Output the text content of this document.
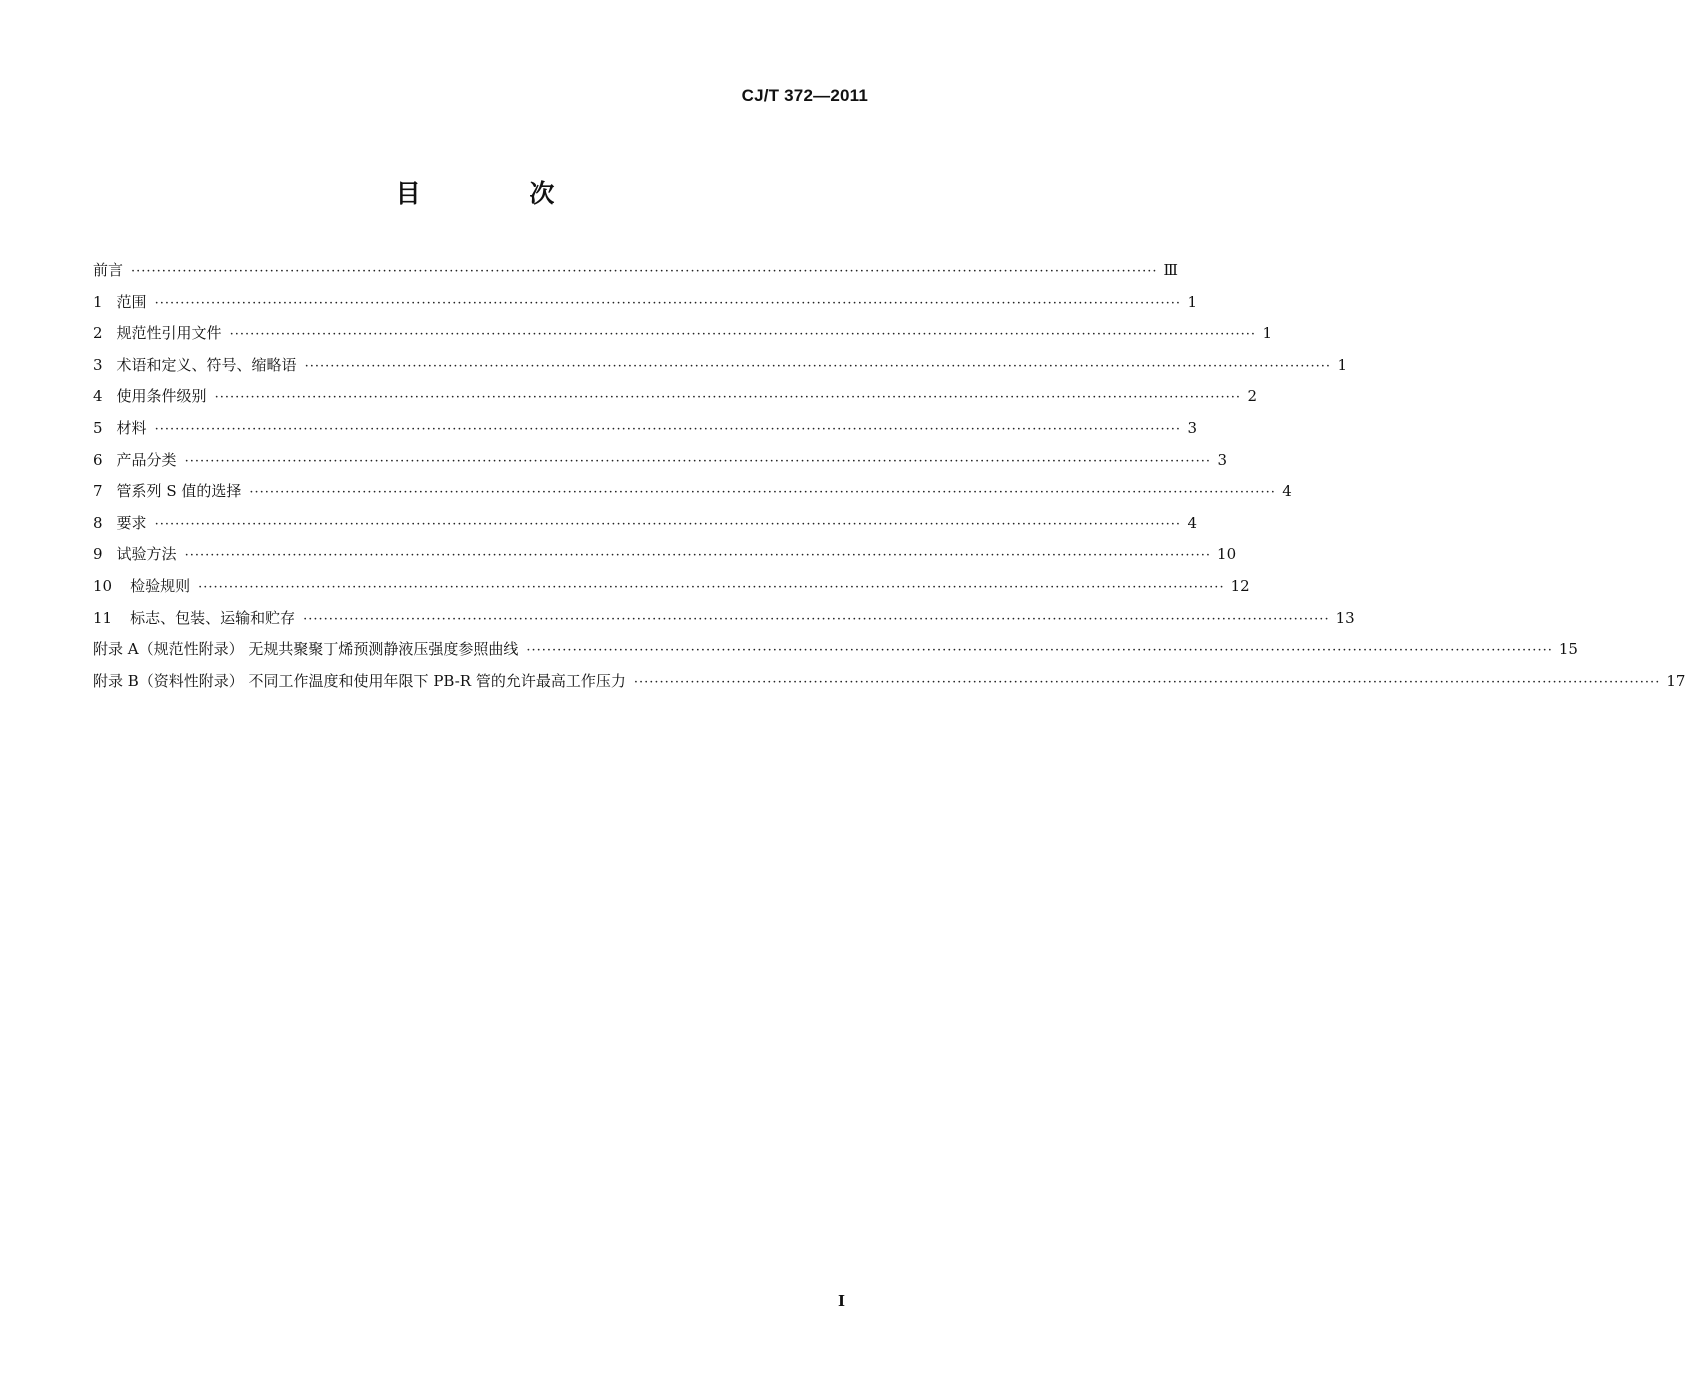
CJ/T 372—2011
目 次
前言 ········································································································································································································ Ⅲ
1 范围 ········································································································································································································ 1
2 规范性引用文件 ········································································································································································································ 1
3 术语和定义、符号、缩略语 ········································································································································································································ 1
4 使用条件级别 ········································································································································································································ 2
5 材料 ········································································································································································································ 3
6 产品分类 ········································································································································································································ 3
7 管系列 S 值的选择 ········································································································································································································ 4
8 要求 ········································································································································································································ 4
9 试验方法 ········································································································································································································ 10
10 检验规则 ········································································································································································································ 12
11 标志、包装、运输和贮存 ········································································································································································································ 13
附录 A（规范性附录） 无规共聚聚丁烯预测静液压强度参照曲线 ········································································································································································································ 15
附录 B（资料性附录） 不同工作温度和使用年限下 PB-R 管的允许最高工作压力 ········································································································································································································ 17
I
